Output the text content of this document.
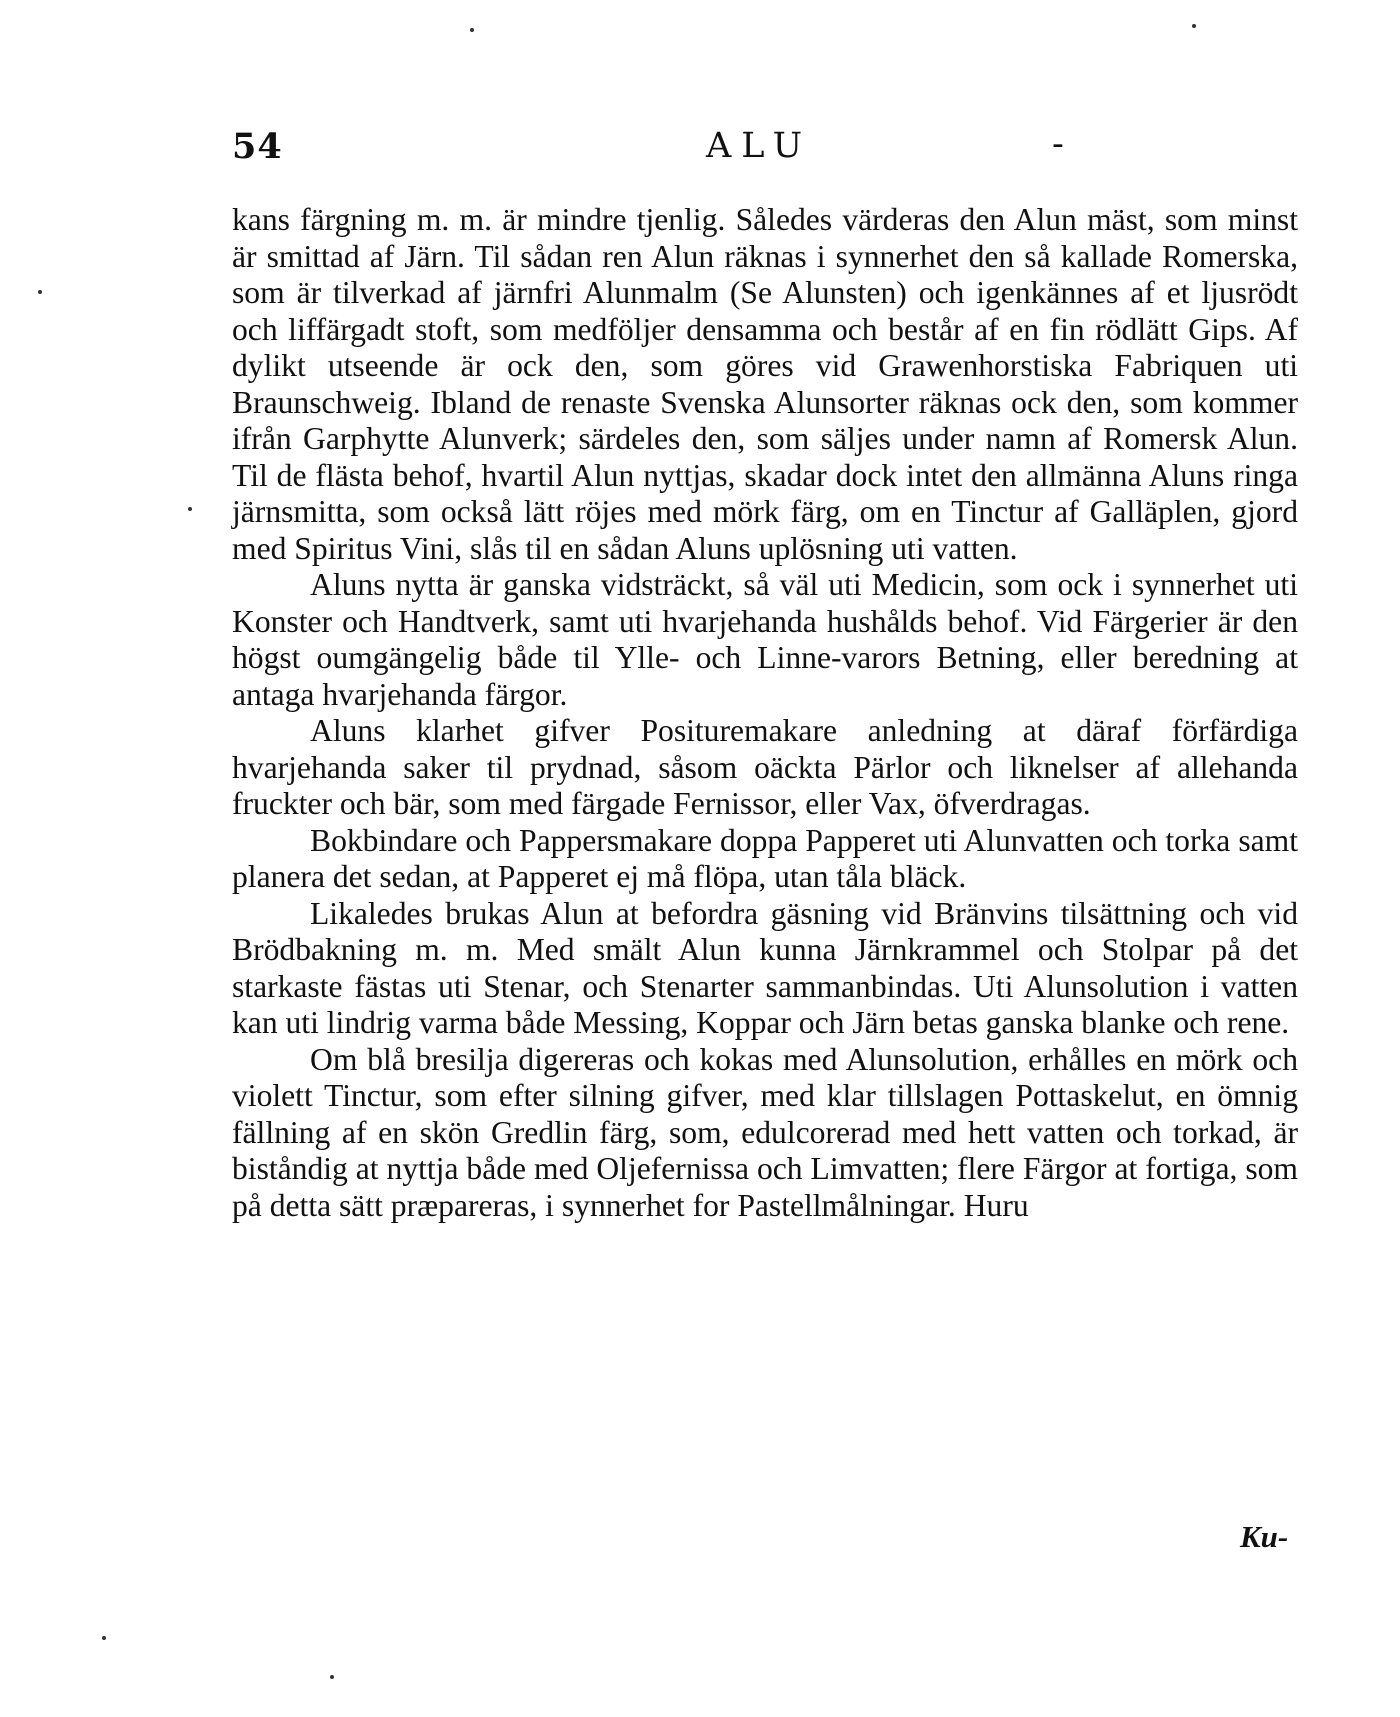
54	ALU	-

kans färgning m. m. är mindre tjenlig. Således värderas den Alun mäst, som minst är smittad af Järn. Til sådan ren Alun räknas i synnerhet den så kallade Romerska, som är tilverkad af järnfri Alunmalm (Se Alunsten) och igenkännes af et ljusrödt och liffärgadt stoft, som medföljer densamma och består af en fin rödlätt Gips. Af dylikt utseende är ock den, som göres vid Grawenhorstiska Fabriquen uti Braunschweig. Ibland de renaste Svenska Alunsorter räknas ock den, som kommer ifrån Garphytte Alunverk; särdeles den, som säljes under namn af Romersk Alun. Til de flästa behof, hvartil Alun nyttjas, skadar dock intet den allmänna Aluns ringa järnsmitta, som också lätt röjes med mörk färg, om en Tinctur af Galläplen, gjord med Spiritus Vini, slås til en sådan Aluns uplösning uti vatten.

Aluns nytta är ganska vidsträckt, så väl uti Medicin, som ock i synnerhet uti Konster och Handtverk, samt uti hvarjehanda hushålds behof. Vid Färgerier är den högst oumgängelig både til Ylle- och Linne-varors Betning, eller beredning at antaga hvarjehanda färgor.

Aluns klarhet gifver Posituremakare anledning at däraf förfärdiga hvarjehanda saker til prydnad, såsom oäckta Pärlor och liknelser af allehanda fruckter och bär, som med färgade Fernissor, eller Vax, öfverdragas.

Bokbindare och Pappersmakare doppa Papperet uti Alunvatten och torka samt planera det sedan, at Papperet ej må flöpa, utan tåla bläck.

Likaledes brukas Alun at befordra gäsning vid Bränvins tilsättning och vid Brödbakning m. m. Med smält Alun kunna Järnkrammel och Stolpar på det starkaste fästas uti Stenar, och Stenarter sammanbindas. Uti Alunsolution i vatten kan uti lindrig varma både Messing, Koppar och Järn betas ganska blanke och rene.

Om blå bresilja digereras och kokas med Alunsolution, erhålles en mörk och violett Tinctur, som efter silning gifver, med klar tillslagen Pottaskelut, en ömnig fällning af en skön Gredlin färg, som, edulcorerad med hett vatten och torkad, är biståndig at nyttja både med Oljefernissa och Limvatten; flere Färgor at fortiga, som på detta sätt præpareras, i synnerhet for Pastellmålningar. Huru

Ku-
